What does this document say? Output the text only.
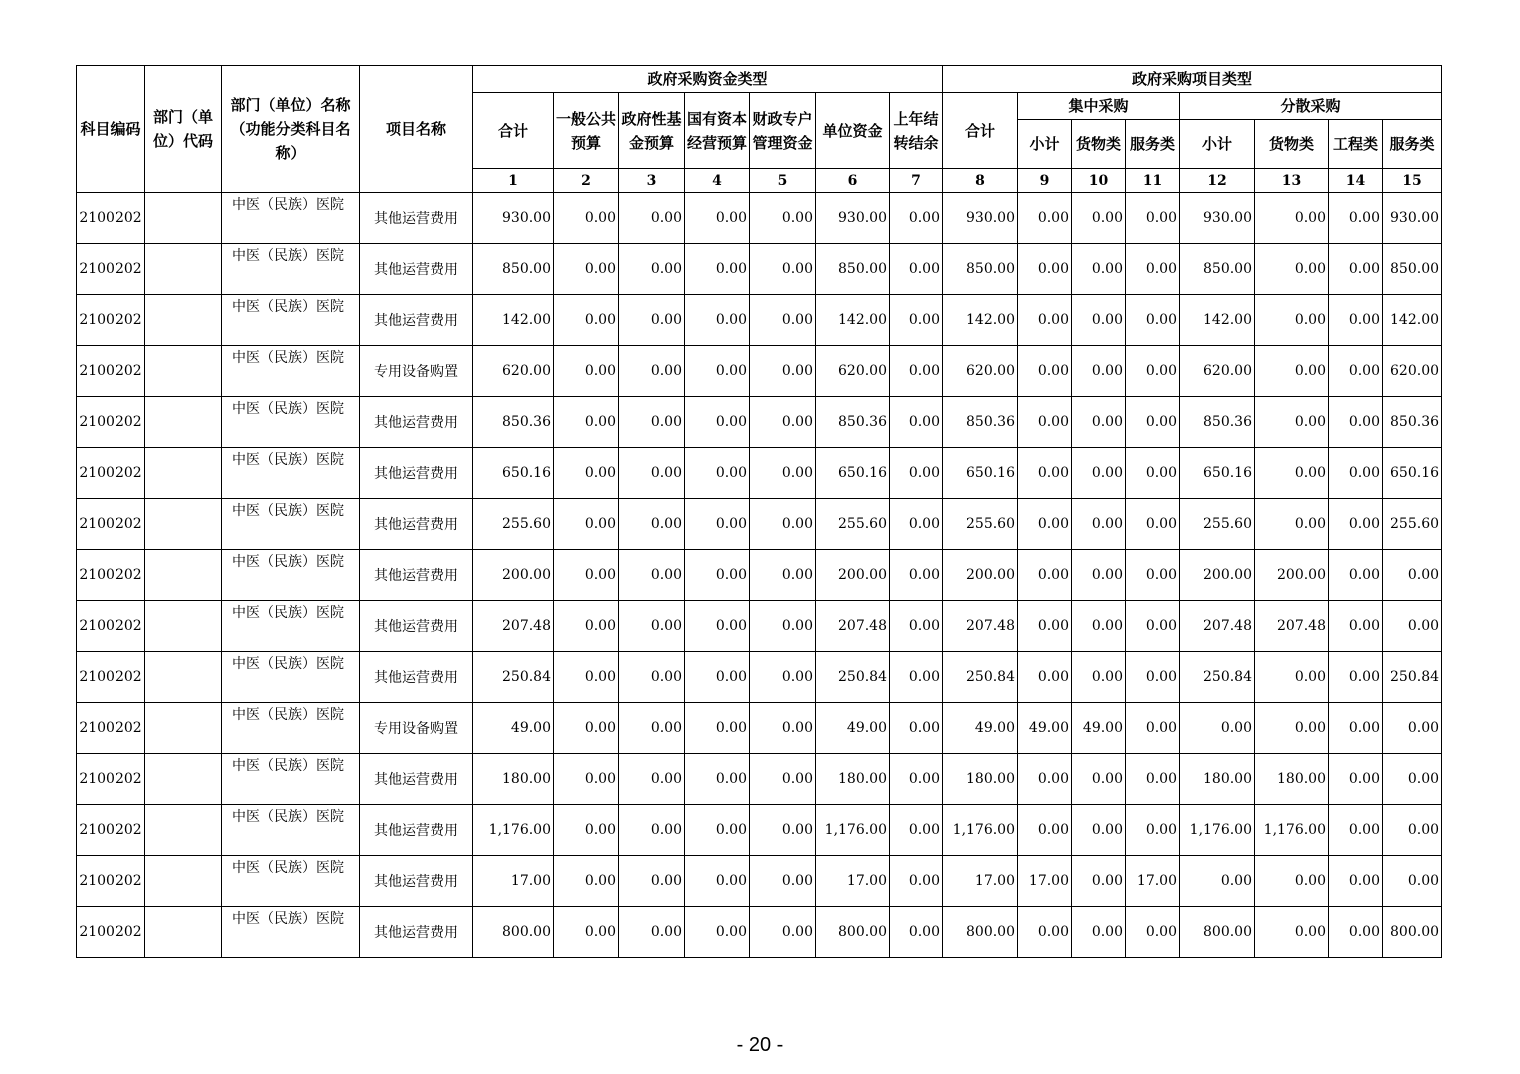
科目编码	部门（单位）代码	部门（单位）名称（功能分类科目名称）	项目名称	政府采购资金类型							政府采购项目类型							
				合计	一般公共预算	政府性基金预算	国有资本经营预算	财政专户管理资金	单位资金	上年结转结余	合计	集中采购			分散采购			
												小计	货物类	服务类	小计	货物类	工程类	服务类
				1	2	3	4	5	6	7	8	9	10	11	12	13	14	15
2100202		中医（民族）医院	其他运营费用	930.00	0.00	0.00	0.00	0.00	930.00	0.00	930.00	0.00	0.00	0.00	930.00	0.00	0.00	930.00
2100202		中医（民族）医院	其他运营费用	850.00	0.00	0.00	0.00	0.00	850.00	0.00	850.00	0.00	0.00	0.00	850.00	0.00	0.00	850.00
2100202		中医（民族）医院	其他运营费用	142.00	0.00	0.00	0.00	0.00	142.00	0.00	142.00	0.00	0.00	0.00	142.00	0.00	0.00	142.00
2100202		中医（民族）医院	专用设备购置	620.00	0.00	0.00	0.00	0.00	620.00	0.00	620.00	0.00	0.00	0.00	620.00	0.00	0.00	620.00
2100202		中医（民族）医院	其他运营费用	850.36	0.00	0.00	0.00	0.00	850.36	0.00	850.36	0.00	0.00	0.00	850.36	0.00	0.00	850.36
2100202		中医（民族）医院	其他运营费用	650.16	0.00	0.00	0.00	0.00	650.16	0.00	650.16	0.00	0.00	0.00	650.16	0.00	0.00	650.16
2100202		中医（民族）医院	其他运营费用	255.60	0.00	0.00	0.00	0.00	255.60	0.00	255.60	0.00	0.00	0.00	255.60	0.00	0.00	255.60
2100202		中医（民族）医院	其他运营费用	200.00	0.00	0.00	0.00	0.00	200.00	0.00	200.00	0.00	0.00	0.00	200.00	200.00	0.00	0.00
2100202		中医（民族）医院	其他运营费用	207.48	0.00	0.00	0.00	0.00	207.48	0.00	207.48	0.00	0.00	0.00	207.48	207.48	0.00	0.00
2100202		中医（民族）医院	其他运营费用	250.84	0.00	0.00	0.00	0.00	250.84	0.00	250.84	0.00	0.00	0.00	250.84	0.00	0.00	250.84
2100202		中医（民族）医院	专用设备购置	49.00	0.00	0.00	0.00	0.00	49.00	0.00	49.00	49.00	49.00	0.00	0.00	0.00	0.00	0.00
2100202		中医（民族）医院	其他运营费用	180.00	0.00	0.00	0.00	0.00	180.00	0.00	180.00	0.00	0.00	0.00	180.00	180.00	0.00	0.00
2100202		中医（民族）医院	其他运营费用	1,176.00	0.00	0.00	0.00	0.00	1,176.00	0.00	1,176.00	0.00	0.00	0.00	1,176.00	1,176.00	0.00	0.00
2100202		中医（民族）医院	其他运营费用	17.00	0.00	0.00	0.00	0.00	17.00	0.00	17.00	17.00	0.00	17.00	0.00	0.00	0.00	0.00
2100202		中医（民族）医院	其他运营费用	800.00	0.00	0.00	0.00	0.00	800.00	0.00	800.00	0.00	0.00	0.00	800.00	0.00	0.00	800.00
- 20 -
